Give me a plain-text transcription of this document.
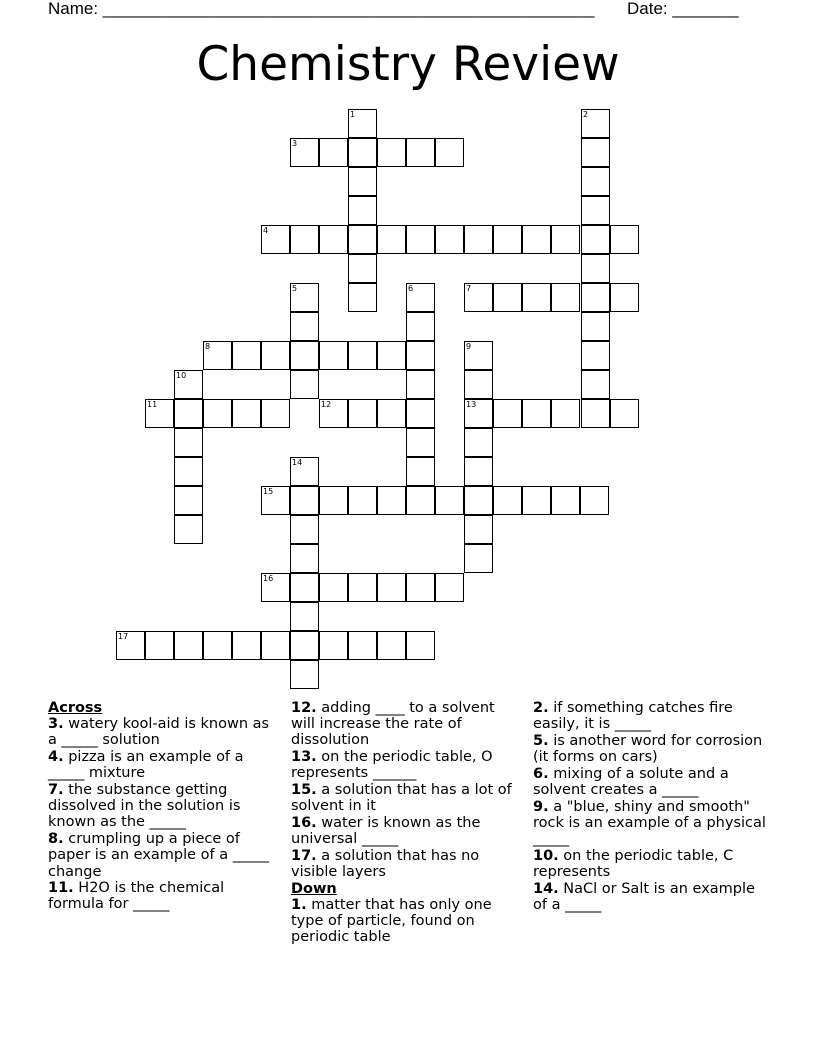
Name: ____________________________________________________ Date: _______
Chemistry Review
1
3
2
4
5	6	7
8	9
13
10
11	12
14
15
16
17
Across
3. watery kool-aid is known as a _____ solution
4. pizza is an example of a _____ mixture
7. the substance getting dissolved in the solution is known as the _____
8. crumpling up a piece of paper is an example of a _____ change
11. H2O is the chemical formula for _____
12. adding ____ to a solvent will increase the rate of dissolution
13. on the periodic table, O represents ______
15. a solution that has a lot of solvent in it
16. water is known as the universal _____
17. a solution that has no visible layers
Down
1. matter that has only one type of particle, found on periodic table
2. if something catches fire easily, it is _____
5. is another word for corrosion (it forms on cars)
6. mixing of a solute and a solvent creates a _____
9. a "blue, shiny and smooth" rock is an example of a physical _____
10. on the periodic table, C represents
14. NaCl or Salt is an example of a _____
